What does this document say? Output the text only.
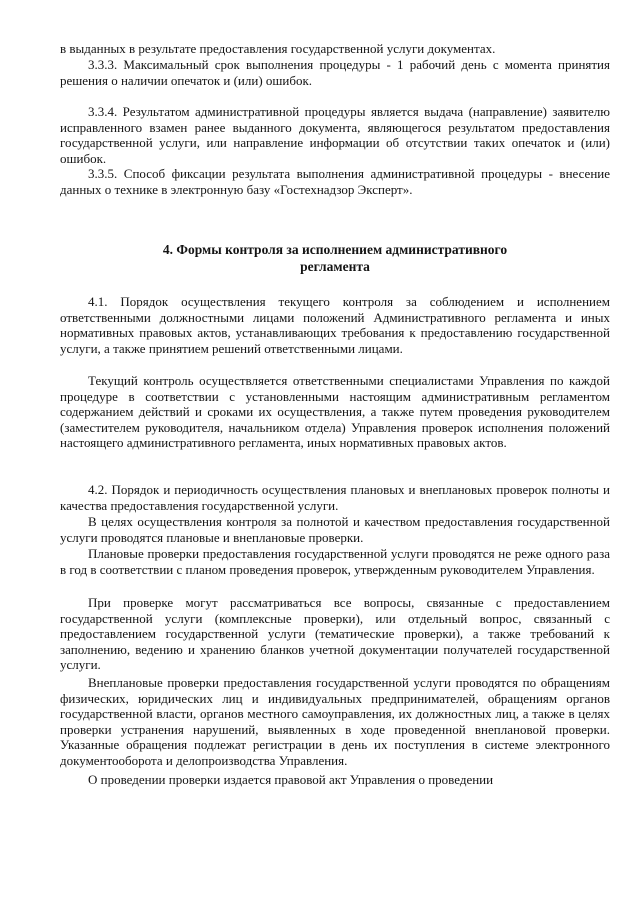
в выданных в результате предоставления государственной услуги документах.

3.3.3. Максимальный срок выполнения процедуры - 1 рабочий день с момента принятия решения о наличии опечаток и (или) ошибок.

3.3.4. Результатом административной процедуры является выдача (направление) заявителю исправленного взамен ранее выданного документа, являющегося результатом предоставления государственной услуги, или направление информации об отсутствии таких опечаток и (или) ошибок.

3.3.5. Способ фиксации результата выполнения административной процедуры - внесение данных о технике в электронную базу «Гостехнадзор Эксперт».

4. Формы контроля за исполнением административного
регламента

4.1. Порядок осуществления текущего контроля за соблюдением и исполнением ответственными должностными лицами положений Административного регламента и иных нормативных правовых актов, устанавливающих требования к предоставлению государственной услуги, а также принятием решений ответственными лицами.

Текущий контроль осуществляется ответственными специалистами Управления по каждой процедуре в соответствии с установленными настоящим административным регламентом содержанием действий и сроками их осуществления, а также путем проведения руководителем (заместителем руководителя, начальником отдела) Управления проверок исполнения положений настоящего административного регламента, иных нормативных правовых актов.

4.2. Порядок и периодичность осуществления плановых и внеплановых проверок полноты и качества предоставления государственной услуги.

В целях осуществления контроля за полнотой и качеством предоставления государственной услуги проводятся плановые и внеплановые проверки.

Плановые проверки предоставления государственной услуги проводятся не реже одного раза в год в соответствии с планом проведения проверок, утвержденным руководителем Управления.

При проверке могут рассматриваться все вопросы, связанные с предоставлением государственной услуги (комплексные проверки), или отдельный вопрос, связанный с предоставлением государственной услуги (тематические проверки), а также требований к заполнению, ведению и хранению бланков учетной документации получателей государственной услуги.

Внеплановые проверки предоставления государственной услуги проводятся по обращениям физических, юридических лиц и индивидуальных предпринимателей, обращениям органов государственной власти, органов местного самоуправления, их должностных лиц, а также в целях проверки устранения нарушений, выявленных в ходе проведенной внеплановой проверки. Указанные обращения подлежат регистрации в день их поступления в системе электронного документооборота и делопроизводства Управления.

О проведении проверки издается правовой акт Управления о проведении
